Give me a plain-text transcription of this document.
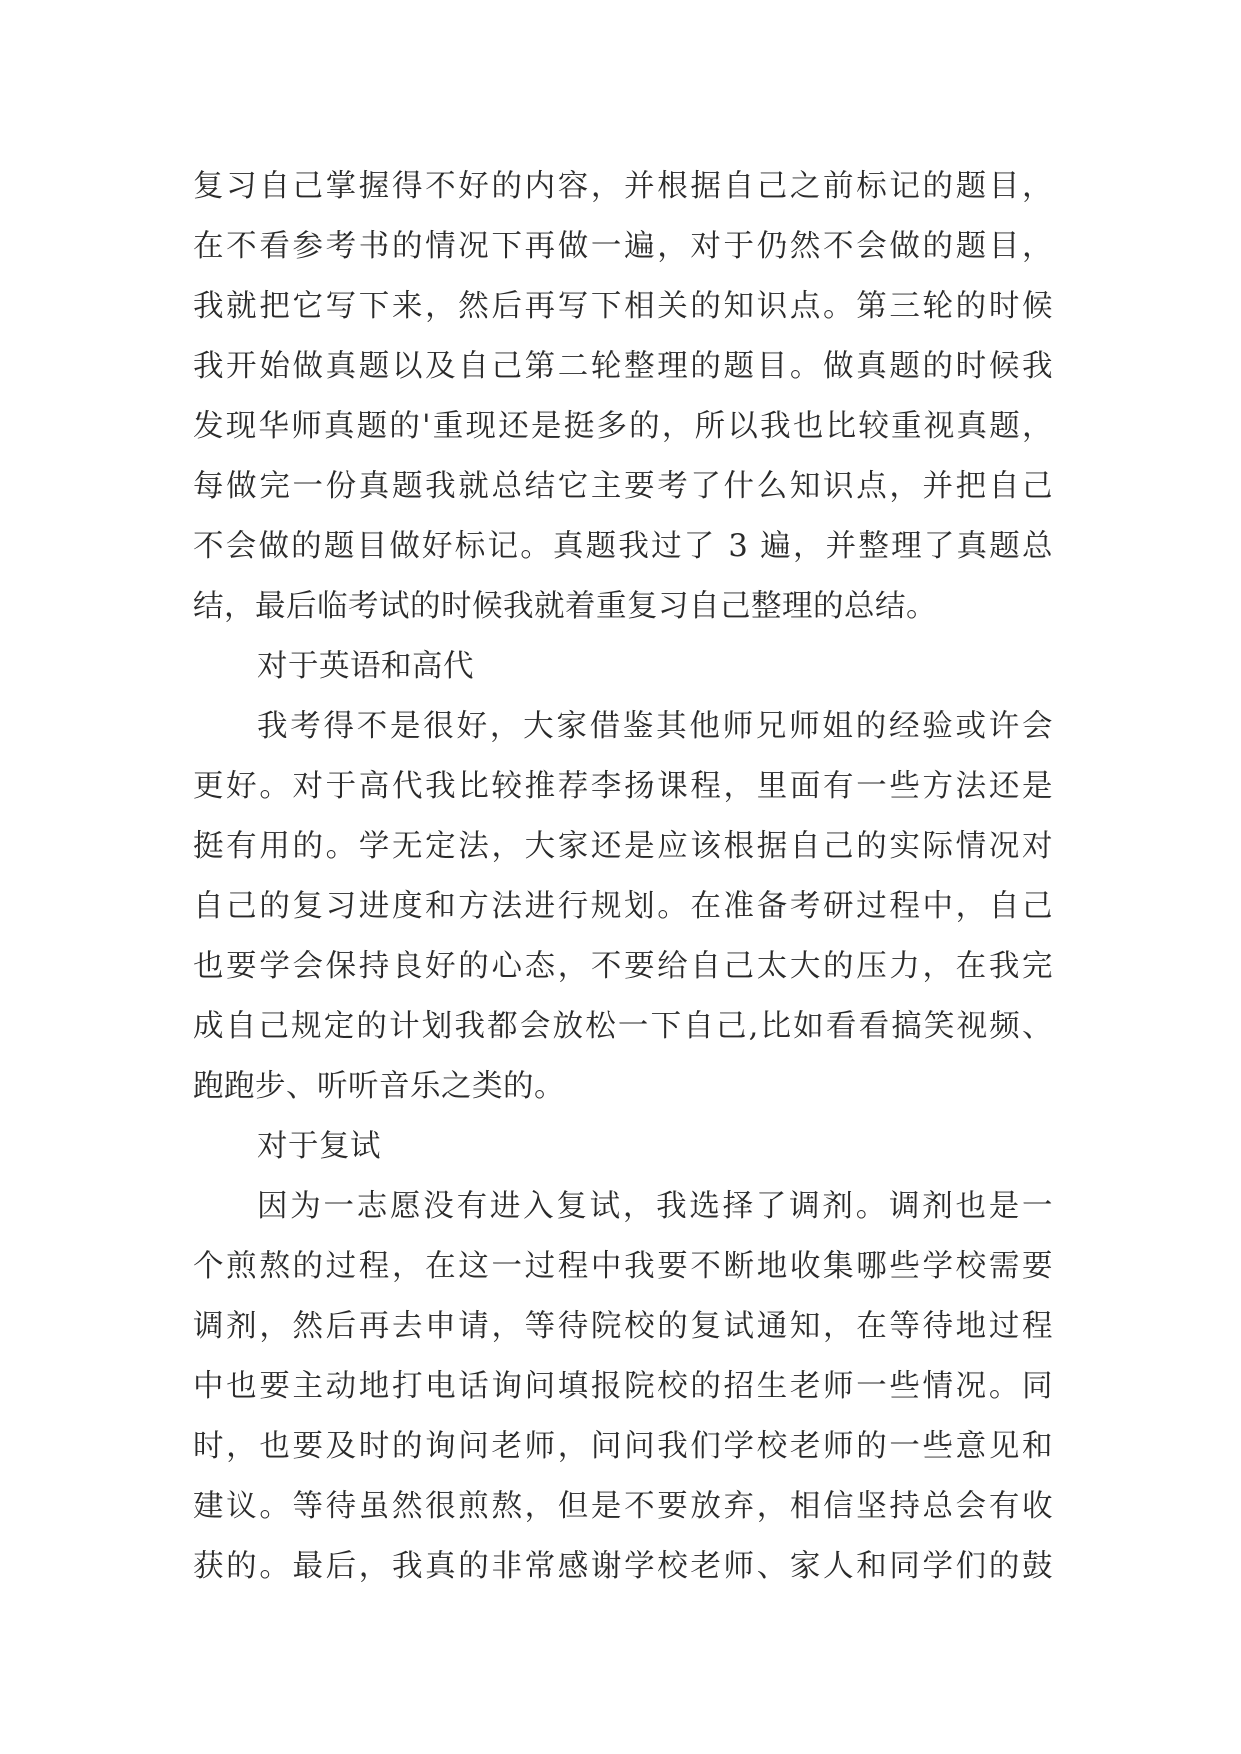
复习自己掌握得不好的内容，并根据自己之前标记的题目，
在不看参考书的情况下再做一遍，对于仍然不会做的题目，
我就把它写下来，然后再写下相关的知识点。第三轮的时候
我开始做真题以及自己第二轮整理的题目。做真题的时候我
发现华师真题的'重现还是挺多的，所以我也比较重视真题，
每做完一份真题我就总结它主要考了什么知识点，并把自己
不会做的题目做好标记。真题我过了 3 遍，并整理了真题总
结，最后临考试的时候我就着重复习自己整理的总结。
对于英语和高代
我考得不是很好，大家借鉴其他师兄师姐的经验或许会
更好。对于高代我比较推荐李扬课程，里面有一些方法还是
挺有用的。学无定法，大家还是应该根据自己的实际情况对
自己的复习进度和方法进行规划。在准备考研过程中，自己
也要学会保持良好的心态，不要给自己太大的压力，在我完
成自己规定的计划我都会放松一下自己,比如看看搞笑视频、
跑跑步、听听音乐之类的。
对于复试
因为一志愿没有进入复试，我选择了调剂。调剂也是一
个煎熬的过程，在这一过程中我要不断地收集哪些学校需要
调剂，然后再去申请，等待院校的复试通知，在等待地过程
中也要主动地打电话询问填报院校的招生老师一些情况。同
时，也要及时的询问老师，问问我们学校老师的一些意见和
建议。等待虽然很煎熬，但是不要放弃，相信坚持总会有收
获的。最后，我真的非常感谢学校老师、家人和同学们的鼓
